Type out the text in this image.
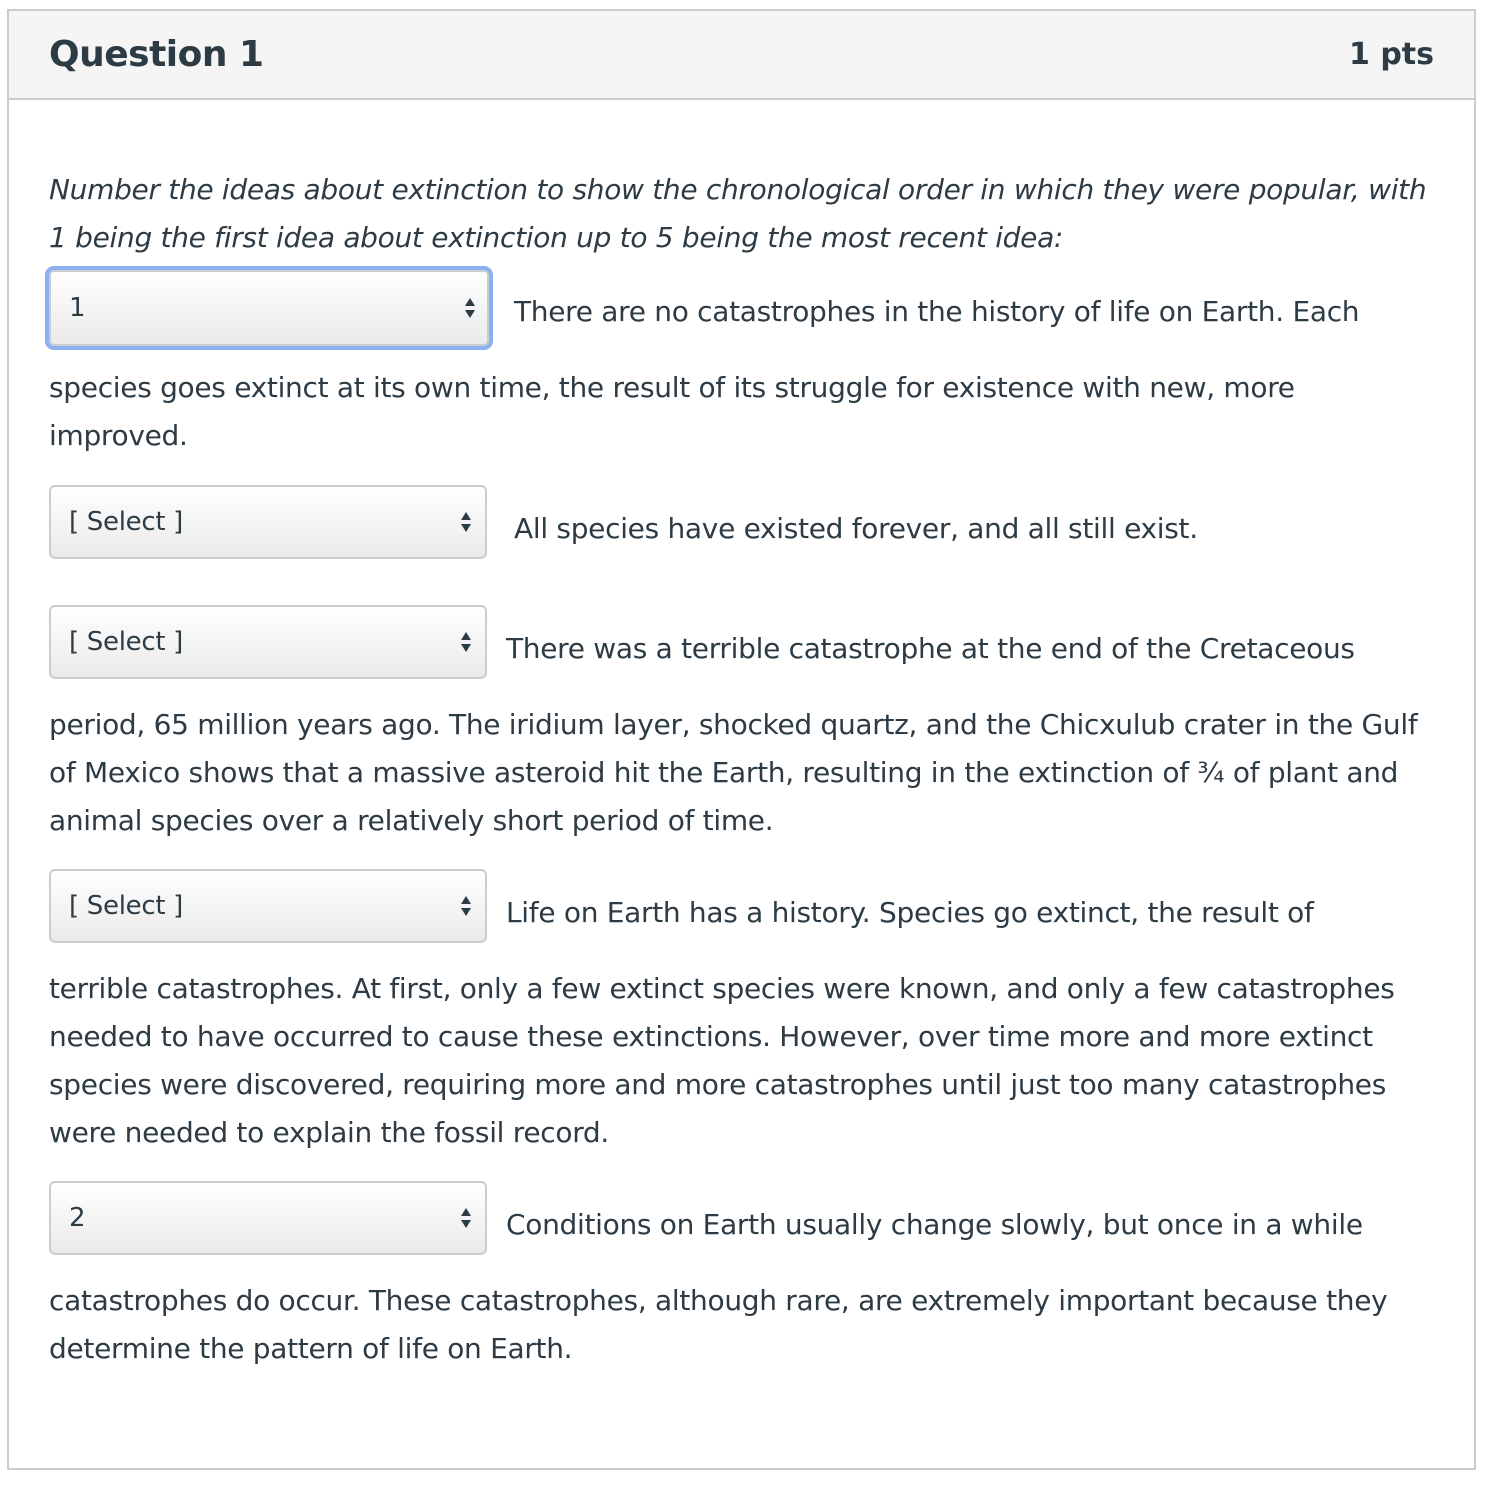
Question 1	1 pts

Number the ideas about extinction to show the chronological order in which they were popular, with 1 being the first idea about extinction up to 5 being the most recent idea:

1	There are no catastrophes in the history of life on Earth. Each
species goes extinct at its own time, the result of its struggle for existence with new, more improved.
[ Select ]	All species have existed forever, and all still exist.
[ Select ]	There was a terrible catastrophe at the end of the Cretaceous
period, 65 million years ago. The iridium layer, shocked quartz, and the Chicxulub crater in the Gulf of Mexico shows that a massive asteroid hit the Earth, resulting in the extinction of ¾ of plant and animal species over a relatively short period of time.
[ Select ]	Life on Earth has a history. Species go extinct, the result of
terrible catastrophes. At first, only a few extinct species were known, and only a few catastrophes needed to have occurred to cause these extinctions. However, over time more and more extinct species were discovered, requiring more and more catastrophes until just too many catastrophes were needed to explain the fossil record.
2	Conditions on Earth usually change slowly, but once in a while
catastrophes do occur. These catastrophes, although rare, are extremely important because they determine the pattern of life on Earth.
